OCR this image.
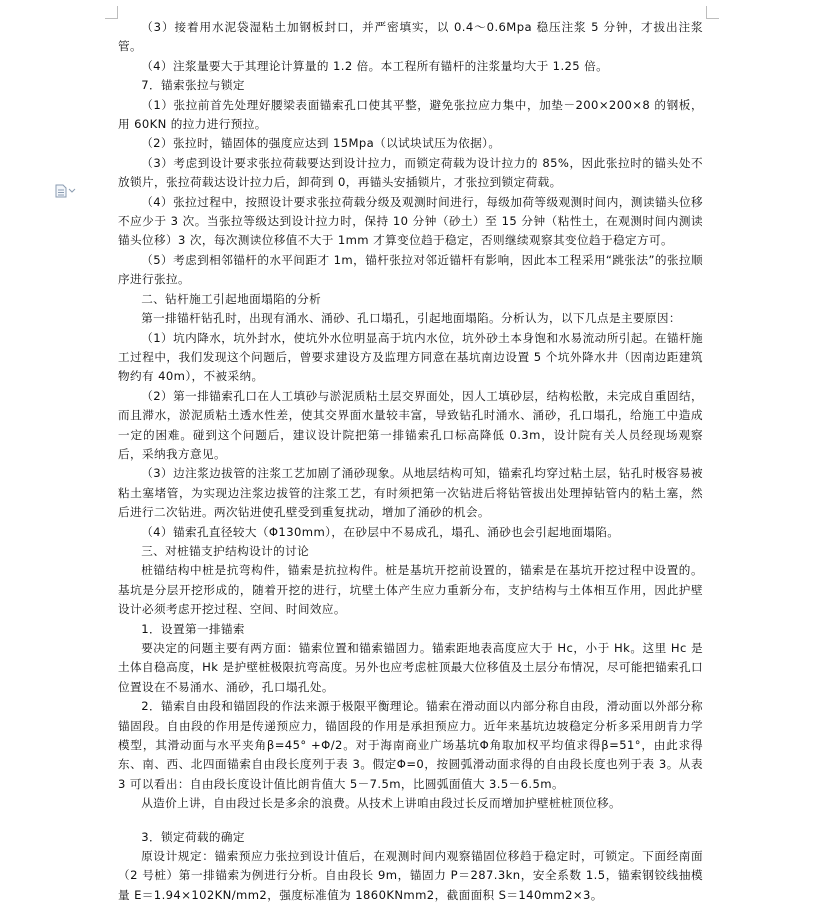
（3）接着用水泥袋湿粘土加钢板封口，并严密填实，以 0.4～0.6Mpa 稳压注浆 5 分钟，才拔出注浆管。

（4）注浆量要大于其理论计算量的 1.2 倍。本工程所有锚杆的注浆量均大于 1.25 倍。

7．锚索张拉与锁定

（1）张拉前首先处理好腰梁表面锚索孔口使其平整，避免张拉应力集中，加垫－200×200×8 的钢板，用 60KN 的拉力进行预拉。

（2）张拉时，锚固体的强度应达到 15Mpa（以试块试压为依据）。

（3）考虑到设计要求张拉荷载要达到设计拉力，而锁定荷载为设计拉力的 85%，因此张拉时的锚头处不放锁片，张拉荷载达设计拉力后，卸荷到 0，再锚头安插锁片，才张拉到锁定荷载。

（4）张拉过程中，按照设计要求张拉荷载分级及观测时间进行，每级加荷等级观测时间内，测读锚头位移不应少于 3 次。当张拉等级达到设计拉力时，保持 10 分钟（砂土）至 15 分钟（粘性土，在观测时间内测读锚头位移）3 次，每次测读位移值不大于 1mm 才算变位趋于稳定，否则继续观察其变位趋于稳定方可。

（5）考虑到相邻锚杆的水平间距才 1m，锚杆张拉对邻近锚杆有影响，因此本工程采用“跳张法”的张拉顺序进行张拉。

二、钻杆施工引起地面塌陷的分析

第一排锚杆钻孔时，出现有涌水、涌砂、孔口塌孔，引起地面塌陷。分析认为，以下几点是主要原因：

（1）坑内降水，坑外封水，使坑外水位明显高于坑内水位，坑外砂土本身饱和水易流动所引起。在锚杆施工过程中，我们发现这个问题后，曾要求建设方及监理方同意在基坑南边设置 5 个坑外降水井（因南边距建筑物约有 40m），不被采纳。

（2）第一排锚索孔口在人工填砂与淤泥质粘土层交界面处，因人工填砂层，结构松散，未完成自重固结，而且滞水，淤泥质粘土透水性差，使其交界面水量较丰富，导致钻孔时涌水、涌砂，孔口塌孔，给施工中造成一定的困难。碰到这个问题后，建议设计院把第一排锚索孔口标高降低 0.3m，设计院有关人员经现场观察后，采纳我方意见。

（3）边注浆边拔管的注浆工艺加剧了涌砂现象。从地层结构可知，锚索孔均穿过粘土层，钻孔时极容易被粘土塞堵管，为实现边注浆边拔管的注浆工艺，有时须把第一次钻进后将钻管拔出处理掉钻管内的粘土塞，然后进行二次钻进。两次钻进使孔壁受到重复扰动，增加了涌砂的机会。

（4）锚索孔直径较大（Φ130mm），在砂层中不易成孔，塌孔、涌砂也会引起地面塌陷。

三、对桩锚支护结构设计的讨论

桩锚结构中桩是抗弯构件，锚索是抗拉构件。桩是基坑开挖前设置的，锚索是在基坑开挖过程中设置的。基坑是分层开挖形成的，随着开挖的进行，坑壁土体产生应力重新分布，支护结构与土体相互作用，因此护壁设计必须考虑开挖过程、空间、时间效应。

1．设置第一排锚索

要决定的问题主要有两方面：锚索位置和锚索锚固力。锚索距地表高度应大于 Hc，小于 Hk。这里 Hc 是土体自稳高度，Hk 是护壁桩极限抗弯高度。另外也应考虑桩顶最大位移值及土层分布情况，尽可能把锚索孔口位置设在不易涌水、涌砂，孔口塌孔处。

2．锚索自由段和锚固段的作法来源于极限平衡理论。锚索在滑动面以内部分称自由段，滑动面以外部分称锚固段。自由段的作用是传递预应力，锚固段的作用是承担预应力。近年来基坑边坡稳定分析多采用朗肯力学模型，其滑动面与水平夹角β=45° +Φ/2。对于海南商业广场基坑Φ角取加权平均值求得β=51°，由此求得东、南、西、北四面锚索自由段长度列于表 3。假定Φ=0，按圆弧滑动面求得的自由段长度也列于表 3。从表 3 可以看出：自由段长度设计值比朗肯值大 5－7.5m，比圆弧面值大 3.5－6.5m。

从造价上讲，自由段过长是多余的浪费。从技术上讲咱由段过长反而增加护壁桩桩顶位移。

3．锁定荷载的确定

原设计规定：锚索预应力张拉到设计值后，在观测时间内观察锚固位移趋于稳定时，可锁定。下面经南面（2 号桩）第一排锚索为例进行分析。自由段长 9m，锚固力 P＝287.3kn，安全系数 1.5，锚索钢铰线抽模量 E＝1.94×102KN/mm2，强度标准值为 1860KNmm2，截面面积 S＝140mm2×3。
